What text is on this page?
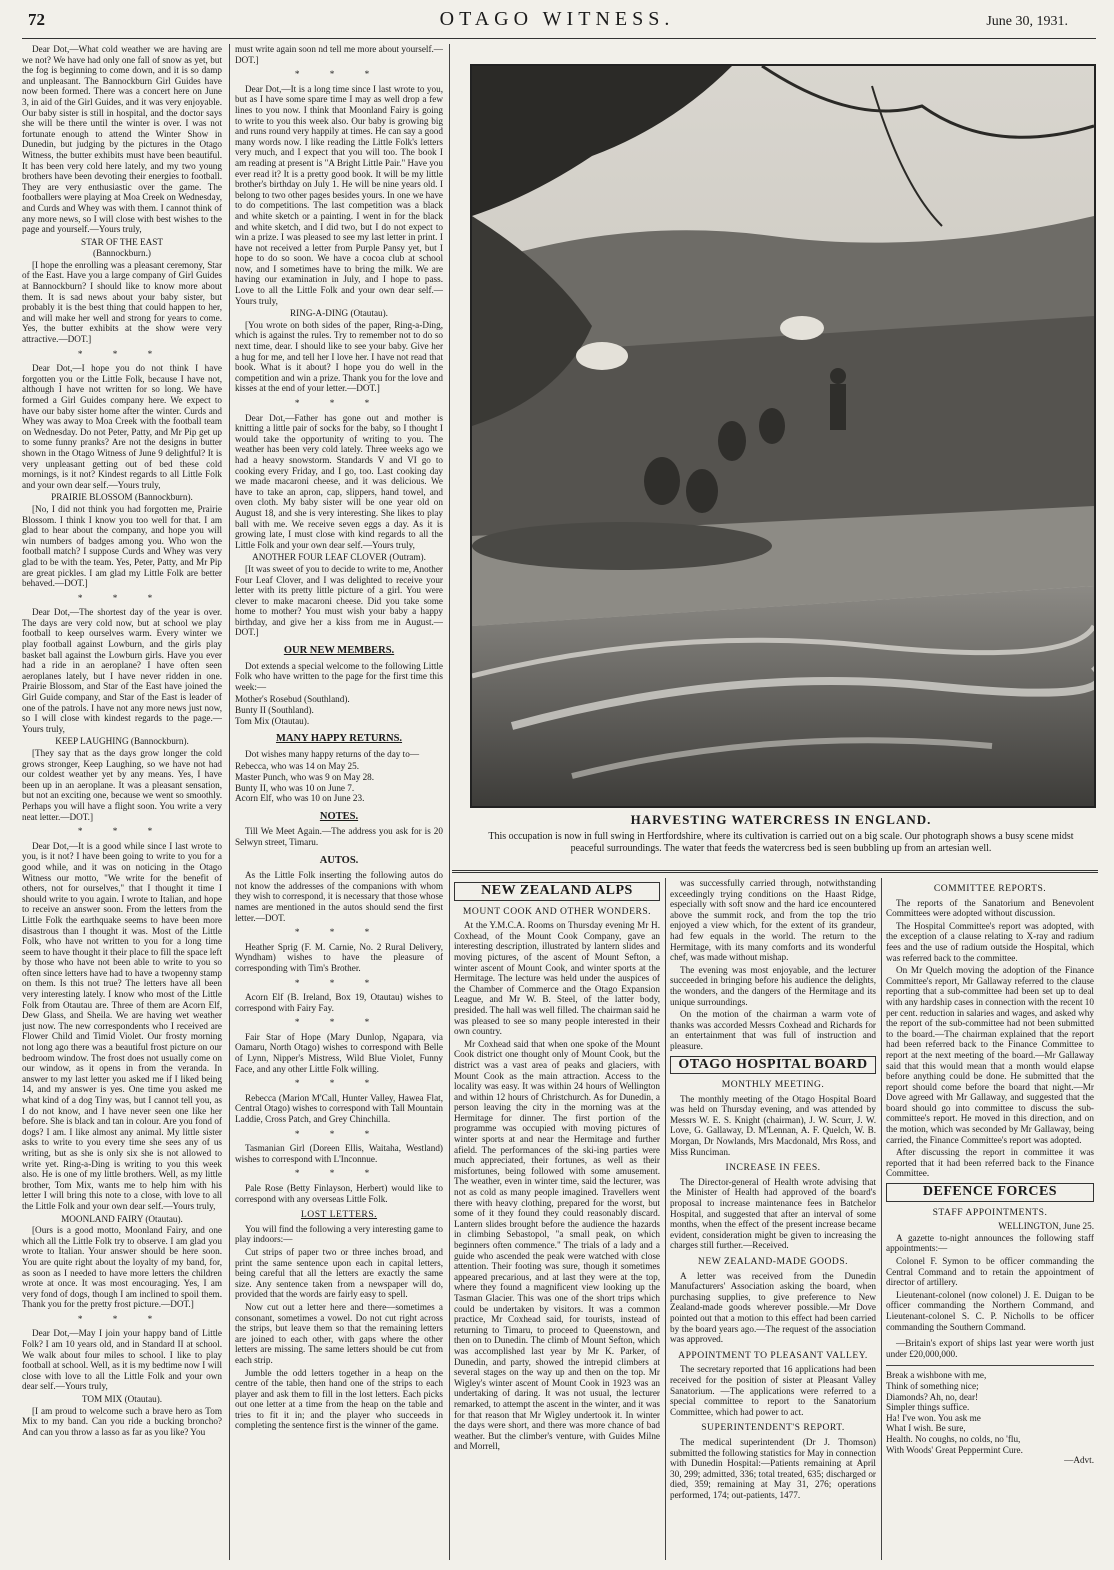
72	OTAGO WITNESS.	June 30, 1931.

Dear Dot,—What cold weather we are having are we not? We have had only one fall of snow as yet, but the fog is beginning to come down, and it is so damp and unpleasant. The Bannockburn Girl Guides have now been formed. There was a concert here on June 3, in aid of the Girl Guides, and it was very enjoyable. Our baby sister is still in hospital, and the doctor says she will be there until the winter is over. I was not fortunate enough to attend the Winter Show in Dunedin, but judging by the pictures in the Otago Witness, the butter exhibits must have been beautiful. It has been very cold here lately, and my two young brothers have been devoting their energies to football. They are very enthusiastic over the game. The footballers were playing at Moa Creek on Wednesday, and Curds and Whey was with them. I cannot think of any more news, so I will close with best wishes to the page and yourself.—Yours truly,

STAR OF THE EAST
(Bannockburn.)

[I hope the enrolling was a pleasant ceremony, Star of the East. Have you a large company of Girl Guides at Bannockburn? I should like to know more about them. It is sad news about your baby sister, but probably it is the best thing that could happen to her, and will make her well and strong for years to come. Yes, the butter exhibits at the show were very attractive.—DOT.]

* * *

Dear Dot,—I hope you do not think I have forgotten you or the Little Folk, because I have not, although I have not written for so long. We have formed a Girl Guides company here. We expect to have our baby sister home after the winter. Curds and Whey was away to Moa Creek with the football team on Wednesday. Do not Peter, Patty, and Mr Pip get up to some funny pranks? Are not the designs in butter shown in the Otago Witness of June 9 delightful? It is very unpleasant getting out of bed these cold mornings, is it not? Kindest regards to all Little Folk and your own dear self.—Yours truly,

PRAIRIE BLOSSOM (Bannockburn).

[No, I did not think you had forgotten me, Prairie Blossom. I think I know you too well for that. I am glad to hear about the company, and hope you will win numbers of badges among you. Who won the football match? I suppose Curds and Whey was very glad to be with the team. Yes, Peter, Patty, and Mr Pip are great pickles. I am glad my Little Folk are better behaved.—DOT.]

* * *

Dear Dot,—The shortest day of the year is over. The days are very cold now, but at school we play football to keep ourselves warm. Every winter we play football against Lowburn, and the girls play basket ball against the Lowburn girls. Have you ever had a ride in an aeroplane? I have often seen aeroplanes lately, but I have never ridden in one. Prairie Blossom, and Star of the East have joined the Girl Guide company, and Star of the East is leader of one of the patrols. I have not any more news just now, so I will close with kindest regards to the page.—Yours truly,

KEEP LAUGHING (Bannockburn).

[They say that as the days grow longer the cold grows stronger, Keep Laughing, so we have not had our coldest weather yet by any means. Yes, I have been up in an aeroplane. It was a pleasant sensation, but not an exciting one, because we went so smoothly. Perhaps you will have a flight soon. You write a very neat letter.—DOT.]

* * *

Dear Dot,—It is a good while since I last wrote to you, is it not? I have been going to write to you for a good while, and it was on noticing in the Otago Witness our motto, "We write for the benefit of others, not for ourselves," that I thought it time I should write to you again. I wrote to Italian, and hope to receive an answer soon. From the letters from the Little Folk the earthquake seems to have been more disastrous than I thought it was. Most of the Little Folk, who have not written to you for a long time seem to have thought it their place to fill the space left by those who have not been able to write to you so often since letters have had to have a twopenny stamp on them. Is this not true? The letters have all been very interesting lately. I know who most of the Little Folk from Otautau are. Three of them are Acorn Elf, Dew Glass, and Sheila. We are having wet weather just now. The new correspondents who I received are Flower Child and Timid Violet. Our frosty morning not long ago there was a beautiful frost picture on our bedroom window. The frost does not usually come on our window, as it opens in from the veranda. In answer to my last letter you asked me if I liked being 14, and my answer is yes. One time you asked me what kind of a dog Tiny was, but I cannot tell you, as I do not know, and I have never seen one like her before. She is black and tan in colour. Are you fond of dogs? I am. I like almost any animal. My little sister asks to write to you every time she sees any of us writing, but as she is only six she is not allowed to write yet. Ring-a-Ding is writing to you this week also. He is one of my little brothers. Well, as my little brother, Tom Mix, wants me to help him with his letter I will bring this note to a close, with love to all the Little Folk and your own dear self.—Yours truly,

MOONLAND FAIRY (Otautau).

[Ours is a good motto, Moonland Fairy, and one which all the Little Folk try to observe. I am glad you wrote to Italian. Your answer should be here soon. You are quite right about the loyalty of my band, for, as soon as I needed to have more letters the children wrote at once. It was most encouraging. Yes, I am very fond of dogs, though I am inclined to spoil them. Thank you for the pretty frost picture.—DOT.]

* * *

Dear Dot,—May I join your happy band of Little Folk? I am 10 years old, and in Standard II at school. We walk about four miles to school. I like to play football at school. Well, as it is my bedtime now I will close with love to all the Little Folk and your own dear self.—Yours truly,

TOM MIX (Otautau).

[I am proud to welcome such a brave hero as Tom Mix to my band. Can you ride a bucking broncho? And can you throw a lasso as far as you like? You

must write again soon nd tell me more about yourself.—DOT.]

* * *

Dear Dot,—It is a long time since I last wrote to you, but as I have some spare time I may as well drop a few lines to you now. I think that Moonland Fairy is going to write to you this week also. Our baby is growing big and runs round very happily at times. He can say a good many words now. I like reading the Little Folk's letters very much, and I expect that you will too. The book I am reading at present is "A Bright Little Pair." Have you ever read it? It is a pretty good book. It will be my little brother's birthday on July 1. He will be nine years old. I belong to two other pages besides yours. In one we have to do competitions. The last competition was a black and white sketch or a painting. I went in for the black and white sketch, and I did two, but I do not expect to win a prize. I was pleased to see my last letter in print. I have not received a letter from Purple Pansy yet, but I hope to do so soon. We have a cocoa club at school now, and I sometimes have to bring the milk. We are having our examination in July, and I hope to pass. Love to all the Little Folk and your own dear self.—Yours truly,

RING-A-DING (Otautau).

[You wrote on both sides of the paper, Ring-a-Ding, which is against the rules. Try to remember not to do so next time, dear. I should like to see your baby. Give her a hug for me, and tell her I love her. I have not read that book. What is it about? I hope you do well in the competition and win a prize. Thank you for the love and kisses at the end of your letter.—DOT.]

* * *

Dear Dot,—Father has gone out and mother is knitting a little pair of socks for the baby, so I thought I would take the opportunity of writing to you. The weather has been very cold lately. Three weeks ago we had a heavy snowstorm. Standards V and VI go to cooking every Friday, and I go, too. Last cooking day we made macaroni cheese, and it was delicious. We have to take an apron, cap, slippers, hand towel, and oven cloth. My baby sister will be one year old on August 18, and she is very interesting. She likes to play ball with me. We receive seven eggs a day. As it is growing late, I must close with kind regards to all the Little Folk and your own dear self.—Yours truly,

ANOTHER FOUR LEAF CLOVER (Outram).

[It was sweet of you to decide to write to me, Another Four Leaf Clover, and I was delighted to receive your letter with its pretty little picture of a girl. You were clever to make macaroni cheese. Did you take some home to mother? You must wish your baby a happy birthday, and give her a kiss from me in August.—DOT.]

OUR NEW MEMBERS.

Dot extends a special welcome to the following Little Folk who have written to the page for the first time this week:—

Mother's Rosebud (Southland).
Bunty II (Southland).
Tom Mix (Otautau).
MANY HAPPY RETURNS.

Dot wishes many happy returns of the day to—

Rebecca, who was 14 on May 25.
Master Punch, who was 9 on May 28.
Bunty II, who was 10 on June 7.
Acorn Elf, who was 10 on June 23.
NOTES.

Till We Meet Again.—The address you ask for is 20 Selwyn street, Timaru.

AUTOS.

As the Little Folk inserting the following autos do not know the addresses of the companions with whom they wish to correspond, it is necessary that those whose names are mentioned in the autos should send the first letter.—DOT.

* * *

Heather Sprig (F. M. Carnie, No. 2 Rural Delivery, Wyndham) wishes to have the pleasure of corresponding with Tim's Brother.

* * *

Acorn Elf (B. Ireland, Box 19, Otautau) wishes to correspond with Fairy Fay.

* * *

Fair Star of Hope (Mary Dunlop, Ngapara, via Oamaru, North Otago) wishes to correspond with Belle of Lynn, Nipper's Mistress, Wild Blue Violet, Funny Face, and any other Little Folk willing.

* * *

Rebecca (Marion M'Call, Hunter Valley, Hawea Flat, Central Otago) wishes to correspond with Tall Mountain Laddie, Cross Patch, and Grey Chinchilla.

* * *

Tasmanian Girl (Doreen Ellis, Waitaha, Westland) wishes to correspond with L'Inconnue.

* * *

Pale Rose (Betty Finlayson, Herbert) would like to correspond with any overseas Little Folk.

LOST LETTERS.

You will find the following a very interesting game to play indoors:—

Cut strips of paper two or three inches broad, and print the same sentence upon each in capital letters, being careful that all the letters are exactly the same size. Any sentence taken from a newspaper will do, provided that the words are fairly easy to spell.

Now cut out a letter here and there—sometimes a consonant, sometimes a vowel. Do not cut right across the strips, but leave them so that the remaining letters are joined to each other, with gaps where the other letters are missing. The same letters should be cut from each strip.

Jumble the odd letters together in a heap on the centre of the table, then hand one of the strips to each player and ask them to fill in the lost letters. Each picks out one letter at a time from the heap on the table and tries to fit it in; and the player who succeeds in completing the sentence first is the winner of the game.

HARVESTING WATERCRESS IN ENGLAND.
This occupation is now in full swing in Hertfordshire, where its cultivation is carried out on a big scale. Our photograph shows a busy scene midst peaceful surroundings. The water that feeds the watercress bed is seen bubbling up from an artesian well.
NEW ZEALAND ALPS
MOUNT COOK AND OTHER WONDERS.

At the Y.M.C.A. Rooms on Thursday evening Mr H. Coxhead, of the Mount Cook Company, gave an interesting description, illustrated by lantern slides and moving pictures, of the ascent of Mount Sefton, a winter ascent of Mount Cook, and winter sports at the Hermitage. The lecture was held under the auspices of the Chamber of Commerce and the Otago Expansion League, and Mr W. B. Steel, of the latter body, presided. The hall was well filled. The chairman said he was pleased to see so many people interested in their own country.

Mr Coxhead said that when one spoke of the Mount Cook district one thought only of Mount Cook, but the district was a vast area of peaks and glaciers, with Mount Cook as the main attraction. Access to the locality was easy. It was within 24 hours of Wellington and within 12 hours of Christchurch. As for Dunedin, a person leaving the city in the morning was at the Hermitage for dinner. The first portion of the programme was occupied with moving pictures of winter sports at and near the Hermitage and further afield. The performances of the ski-ing parties were much appreciated, their fortunes, as well as their misfortunes, being followed with some amusement. The weather, even in winter time, said the lecturer, was not as cold as many people imagined. Travellers went there with heavy clothing, prepared for the worst, but some of it they found they could reasonably discard. Lantern slides brought before the audience the hazards in climbing Sebastopol, "a small peak, on which beginners often commence." The trials of a lady and a guide who ascended the peak were watched with close attention. Their footing was sure, though it sometimes appeared precarious, and at last they were at the top, where they found a magnificent view looking up the Tasman Glacier. This was one of the short trips which could be undertaken by visitors. It was a common practice, Mr Coxhead said, for tourists, instead of returning to Timaru, to proceed to Queenstown, and then on to Dunedin. The climb of Mount Sefton, which was accomplished last year by Mr K. Parker, of Dunedin, and party, showed the intrepid climbers at several stages on the way up and then on the top. Mr Wigley's winter ascent of Mount Cook in 1923 was an undertaking of daring. It was not usual, the lecturer remarked, to attempt the ascent in the winter, and it was for that reason that Mr Wigley undertook it. In winter the days were short, and there was more chance of bad weather. But the climber's venture, with Guides Milne and Morrell,

was successfully carried through, notwithstanding exceedingly trying conditions on the Haast Ridge, especially with soft snow and the hard ice encountered above the summit rock, and from the top the trio enjoyed a view which, for the extent of its grandeur, had few equals in the world. The return to the Hermitage, with its many comforts and its wonderful chef, was made without mishap.

The evening was most enjoyable, and the lecturer succeeded in bringing before his audience the delights, the wonders, and the dangers of the Hermitage and its unique surroundings.

On the motion of the chairman a warm vote of thanks was accorded Messrs Coxhead and Richards for an entertainment that was full of instruction and pleasure.

OTAGO HOSPITAL BOARD
MONTHLY MEETING.

The monthly meeting of the Otago Hospital Board was held on Thursday evening, and was attended by Messrs W. E. S. Knight (chairman), J. W. Scurr, J. W. Love, G. Gallaway, D. M'Lennan, A. F. Quelch, W. B. Morgan, Dr Nowlands, Mrs Macdonald, Mrs Ross, and Miss Runciman.

INCREASE IN FEES.

The Director-general of Health wrote advising that the Minister of Health had approved of the board's proposal to increase maintenance fees in Batchelor Hospital, and suggested that after an interval of some months, when the effect of the present increase became evident, consideration might be given to increasing the charges still further.—Received.

NEW ZEALAND-MADE GOODS.

A letter was received from the Dunedin Manufacturers' Association asking the board, when purchasing supplies, to give preference to New Zealand-made goods wherever possible.—Mr Dove pointed out that a motion to this effect had been carried by the board years ago.—The request of the association was approved.

APPOINTMENT TO PLEASANT VALLEY.

The secretary reported that 16 applications had been received for the position of sister at Pleasant Valley Sanatorium. —The applications were referred to a special committee to report to the Sanatorium Committee, which had power to act.

SUPERINTENDENT'S REPORT.

The medical superintendent (Dr J. Thomson) submitted the following statistics for May in connection with Dunedin Hospital:—Patients remaining at April 30, 299; admitted, 336; total treated, 635; discharged or died, 359; remaining at May 31, 276; operations performed, 174; out-patients, 1477.

COMMITTEE REPORTS.

The reports of the Sanatorium and Benevolent Committees were adopted without discussion.

The Hospital Committee's report was adopted, with the exception of a clause relating to X-ray and radium fees and the use of radium outside the Hospital, which was referred back to the committee.

On Mr Quelch moving the adoption of the Finance Committee's report, Mr Gallaway referred to the clause reporting that a sub-committee had been set up to deal with any hardship cases in connection with the recent 10 per cent. reduction in salaries and wages, and asked why the report of the sub-committee had not been submitted to the board.—The chairman explained that the report had been referred back to the Finance Committee to report at the next meeting of the board.—Mr Gallaway said that this would mean that a month would elapse before anything could be done. He submitted that the report should come before the board that night.—Mr Dove agreed with Mr Gallaway, and suggested that the board should go into committee to discuss the sub-committee's report. He moved in this direction, and on the motion, which was seconded by Mr Gallaway, being carried, the Finance Committee's report was adopted.

After discussing the report in committee it was reported that it had been referred back to the Finance Committee.

DEFENCE FORCES
STAFF APPOINTMENTS.
WELLINGTON, June 25.

A gazette to-night announces the following staff appointments:—

Colonel F. Symon to be officer commanding the Central Command and to retain the appointment of director of artillery.

Lieutenant-colonel (now colonel) J. E. Duigan to be officer commanding the Northern Command, and Lieutenant-colonel S. C. P. Nicholls to be officer commanding the Southern Command.

—Britain's export of ships last year were worth just under £20,000,000.

Break a wishbone with me,

Think of something nice;

Diamonds? Ah, no, dear!

Simpler things suffice.

Ha! I've won. You ask me

What I wish. Be sure,

Health. No coughs, no colds, no 'flu,

With Woods' Great Peppermint Cure.

—Advt.
